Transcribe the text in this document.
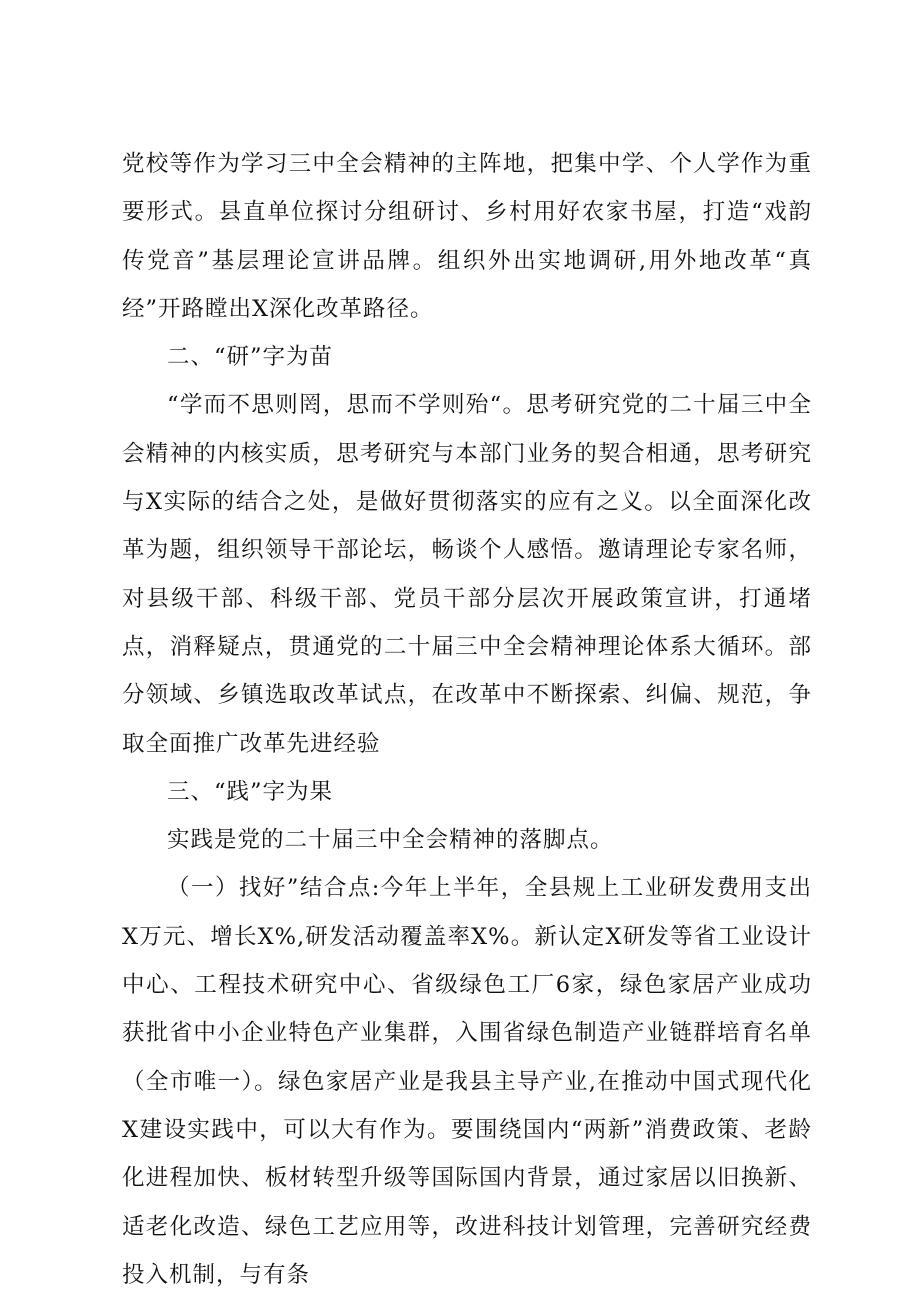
党校等作为学习三中全会精神的主阵地，把集中学、个人学作为重要形式。县直单位探讨分组研讨、乡村用好农家书屋，打造“戏韵传党音”基层理论宣讲品牌。组织外出实地调研,用外地改革“真经”开路瞠出X深化改革路径。

二、“研”字为苗

“学而不思则罔，思而不学则殆“。思考研究党的二十届三中全会精神的内核实质，思考研究与本部门业务的契合相通，思考研究与X实际的结合之处，是做好贯彻落实的应有之义。以全面深化改革为题，组织领导干部论坛，畅谈个人感悟。邀请理论专家名师，对县级干部、科级干部、党员干部分层次开展政策宣讲，打通堵点，消释疑点，贯通党的二十届三中全会精神理论体系大循环。部分领域、乡镇选取改革试点，在改革中不断探索、纠偏、规范，争取全面推广改革先进经验

三、“践”字为果

实践是党的二十届三中全会精神的落脚点。

（一）找好”结合点:今年上半年，全县规上工业研发费用支出X万元、增长X%,研发活动覆盖率X%。新认定X研发等省工业设计中心、工程技术研究中心、省级绿色工厂6家，绿色家居产业成功获批省中小企业特色产业集群，入围省绿色制造产业链群培育名单（全市唯一）。绿色家居产业是我县主导产业,在推动中国式现代化X建设实践中，可以大有作为。要围绕国内“两新”消费政策、老龄化进程加快、板材转型升级等国际国内背景，通过家居以旧换新、适老化改造、绿色工艺应用等，改进科技计划管理，完善研究经费投入机制，与有条
